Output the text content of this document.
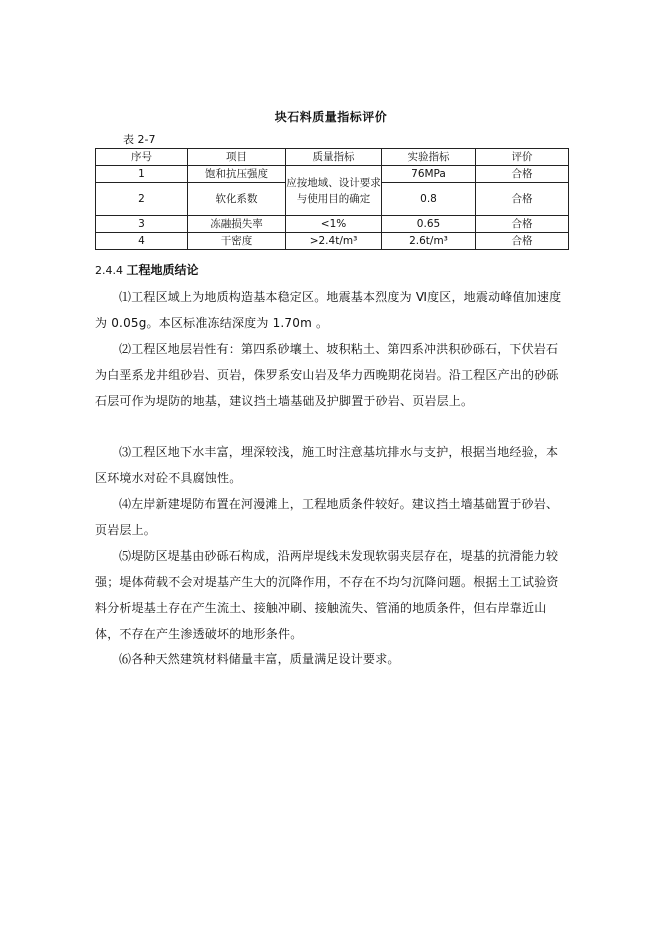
块石料质量指标评价
表 2-7
序号	项目	质量指标	实验指标	评价
1	饱和抗压强度	应按地域、设计要求与使用目的确定	76MPa	合格
2	软化系数		0.8	合格
3	冻融损失率	<1%	0.65	合格
4	干密度	>2.4t/m³	2.6t/m³	合格
2.4.4 工程地质结论

⑴工程区域上为地质构造基本稳定区。地震基本烈度为 Ⅵ度区，地震动峰值加速度为 0.05g。本区标准冻结深度为 1.70m 。

⑵工程区地层岩性有：第四系砂壤土、坡积粘土、第四系冲洪积砂砾石，下伏岩石为白垩系龙井组砂岩、页岩，侏罗系安山岩及华力西晚期花岗岩。沿工程区产出的砂砾石层可作为堤防的地基，建议挡土墙基础及护脚置于砂岩、页岩层上。

⑶工程区地下水丰富，埋深较浅，施工时注意基坑排水与支护，根据当地经验，本区环境水对砼不具腐蚀性。

⑷左岸新建堤防布置在河漫滩上，工程地质条件较好。建议挡土墙基础置于砂岩、页岩层上。

⑸堤防区堤基由砂砾石构成，沿两岸堤线未发现软弱夹层存在，堤基的抗滑能力较强；堤体荷载不会对堤基产生大的沉降作用，不存在不均匀沉降问题。根据土工试验资料分析堤基土存在产生流土、接触冲刷、接触流失、管涌的地质条件，但右岸靠近山体，不存在产生渗透破坏的地形条件。

⑹各种天然建筑材料储量丰富，质量满足设计要求。
